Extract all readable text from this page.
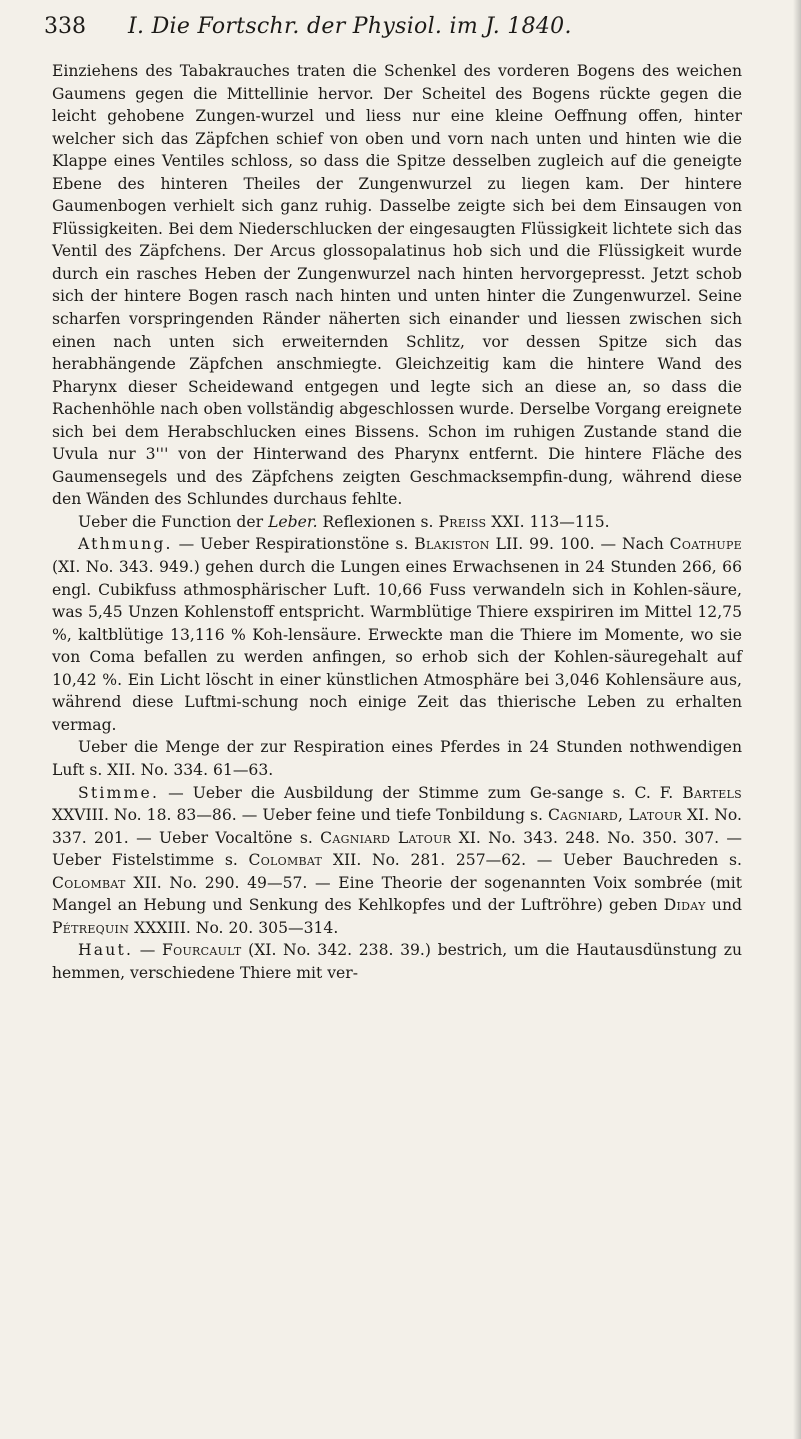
338 I. Die Fortschr. der Physiol. im J. 1840.

Einziehens des Tabakrauches traten die Schenkel des vorderen Bogens des weichen Gaumens gegen die Mittellinie hervor. Der Scheitel des Bogens rückte gegen die leicht gehobene Zungen-wurzel und liess nur eine kleine Oeffnung offen, hinter welcher sich das Zäpfchen schief von oben und vorn nach unten und hinten wie die Klappe eines Ventiles schloss, so dass die Spitze desselben zugleich auf die geneigte Ebene des hinteren Theiles der Zungenwurzel zu liegen kam. Der hintere Gaumenbogen verhielt sich ganz ruhig. Dasselbe zeigte sich bei dem Einsaugen von Flüssigkeiten. Bei dem Niederschlucken der eingesaugten Flüssigkeit lichtete sich das Ventil des Zäpfchens. Der Arcus glossopalatinus hob sich und die Flüssigkeit wurde durch ein rasches Heben der Zungenwurzel nach hinten hervorgepresst. Jetzt schob sich der hintere Bogen rasch nach hinten und unten hinter die Zungenwurzel. Seine scharfen vorspringenden Ränder näherten sich einander und liessen zwischen sich einen nach unten sich erweiternden Schlitz, vor dessen Spitze sich das herabhängende Zäpfchen anschmiegte. Gleichzeitig kam die hintere Wand des Pharynx dieser Scheidewand entgegen und legte sich an diese an, so dass die Rachenhöhle nach oben vollständig abgeschlossen wurde. Derselbe Vorgang ereignete sich bei dem Herabschlucken eines Bissens. Schon im ruhigen Zustande stand die Uvula nur 3''' von der Hinterwand des Pharynx entfernt. Die hintere Fläche des Gaumensegels und des Zäpfchens zeigten Geschmacksempfin-dung, während diese den Wänden des Schlundes durchaus fehlte.

Ueber die Function der Leber. Reflexionen s. Preiss XXI. 113—115.

Athmung. — Ueber Respirationstöne s. Blakiston LII. 99. 100. — Nach Coathupe (XI. No. 343. 949.) gehen durch die Lungen eines Erwachsenen in 24 Stunden 266, 66 engl. Cubikfuss athmosphärischer Luft. 10,66 Fuss verwandeln sich in Kohlen-säure, was 5,45 Unzen Kohlenstoff entspricht. Warmblütige Thiere exspiriren im Mittel 12,75 %, kaltblütige 13,116 % Koh-lensäure. Erweckte man die Thiere im Momente, wo sie von Coma befallen zu werden anfingen, so erhob sich der Kohlen-säuregehalt auf 10,42 %. Ein Licht löscht in einer künstlichen Atmosphäre bei 3,046 Kohlensäure aus, während diese Luftmi-schung noch einige Zeit das thierische Leben zu erhalten vermag.

Ueber die Menge der zur Respiration eines Pferdes in 24 Stunden nothwendigen Luft s. XII. No. 334. 61—63.

Stimme. — Ueber die Ausbildung der Stimme zum Ge-sange s. C. F. Bartels XXVIII. No. 18. 83—86. — Ueber feine und tiefe Tonbildung s. Cagniard, Latour XI. No. 337. 201. — Ueber Vocaltöne s. Cagniard Latour XI. No. 343. 248. No. 350. 307. — Ueber Fistelstimme s. Colombat XII. No. 281. 257—62. — Ueber Bauchreden s. Colombat XII. No. 290. 49—57. — Eine Theorie der sogenannten Voix sombrée (mit Mangel an Hebung und Senkung des Kehlkopfes und der Luftröhre) geben Diday und Pétrequin XXXIII. No. 20. 305—314.

Haut. — Fourcault (XI. No. 342. 238. 39.) bestrich, um die Hautausdünstung zu hemmen, verschiedene Thiere mit ver-
